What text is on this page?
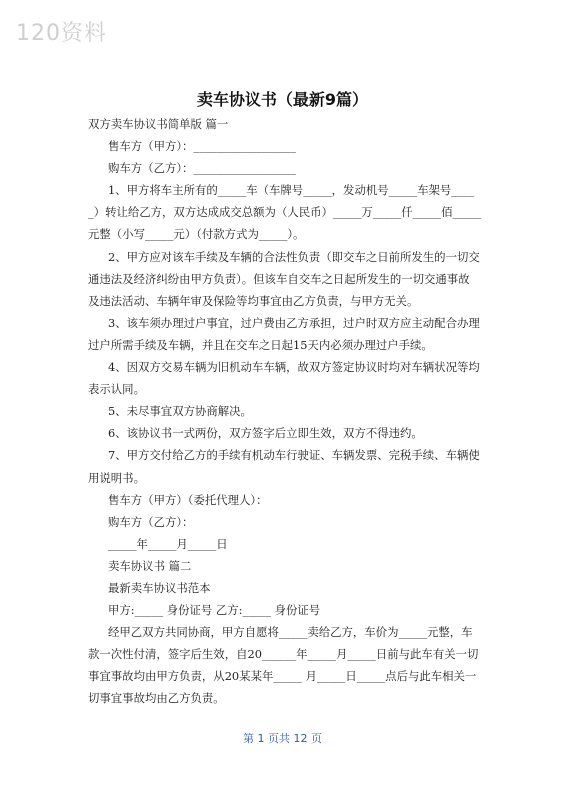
120资料
卖车协议书（最新9篇）

双方卖车协议书简单版 篇一

售车方（甲方）：__________________

购车方（乙方）：__________________

1、甲方将车主所有的_____车（车牌号_____，发动机号_____车架号____

_）转让给乙方，双方达成成交总额为（人民币）_____万_____仟_____佰_____

元整（小写_____元）（付款方式为_____）。

2、甲方应对该车手续及车辆的合法性负责（即交车之日前所发生的一切交

通违法及经济纠纷由甲方负责）。但该车自交车之日起所发生的一切交通事故

及违法活动、车辆年审及保险等均事宜由乙方负责，与甲方无关。

3、该车须办理过户事宜，过户费由乙方承担，过户时双方应主动配合办理

过户所需手续及车辆，并且在交车之日起15天内必须办理过户手续。

4、因双方交易车辆为旧机动车车辆，故双方签定协议时均对车辆状况等均

表示认同。

5、未尽事宜双方协商解决。

6、该协议书一式两份，双方签字后立即生效，双方不得违约。

7、甲方交付给乙方的手续有机动车行驶证、车辆发票、完税手续、车辆使

用说明书。

售车方（甲方）（委托代理人）：

购车方（乙方）：

_____年_____月_____日

卖车协议书 篇二

最新卖车协议书范本

甲方:_____ 身份证号 乙方:_____ 身份证号

经甲乙双方共同协商，甲方自愿将_____卖给乙方，车价为_____元整，车

款一次性付清，签字后生效，自20______年_____月_____日前与此车有关一切

事宜事故均由甲方负责，从20某某年_____ 月_____日_____点后与此车相关一

切事宜事故均由乙方负责。

第 1 页共 12 页
